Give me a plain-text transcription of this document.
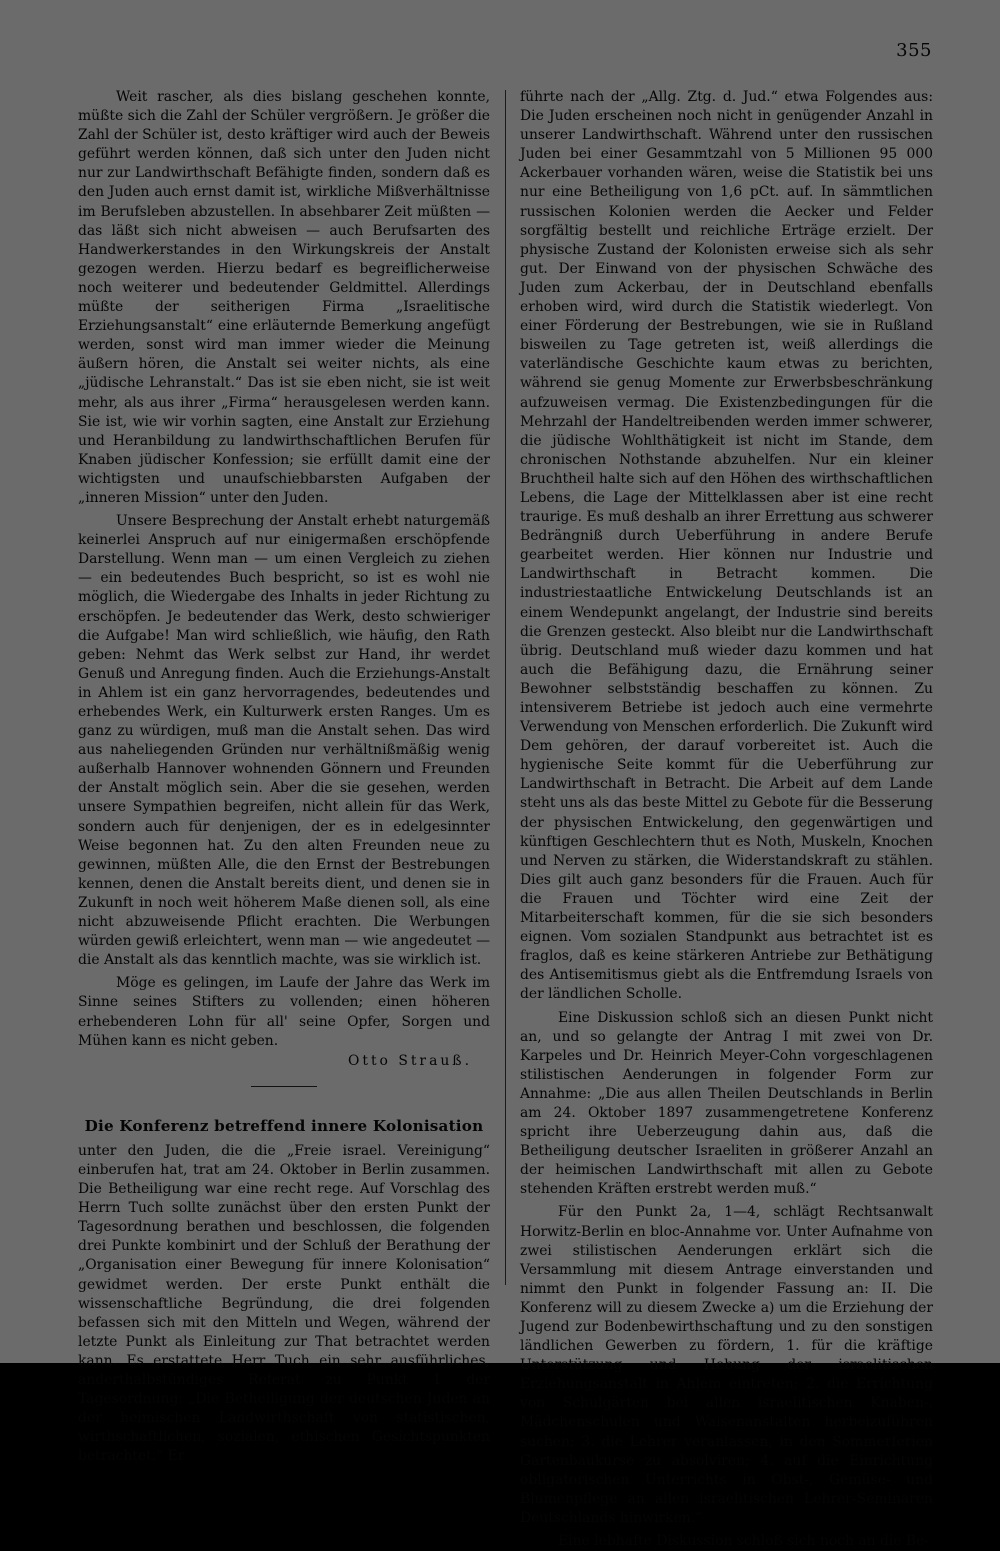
355

Weit rascher, als dies bislang geschehen konnte, müßte sich die Zahl der Schüler vergrößern. Je größer die Zahl der Schüler ist, desto kräftiger wird auch der Beweis geführt werden können, daß sich unter den Juden nicht nur zur Landwirthschaft Befähigte finden, sondern daß es den Juden auch ernst damit ist, wirkliche Mißverhältnisse im Berufsleben abzustellen. In absehbarer Zeit müßten — das läßt sich nicht abweisen — auch Berufsarten des Handwerkerstandes in den Wirkungskreis der Anstalt gezogen werden. Hierzu bedarf es begreiflicherweise noch weiterer und bedeutender Geldmittel. Allerdings müßte der seitherigen Firma „Israelitische Erziehungsanstalt“ eine erläuternde Bemerkung angefügt werden, sonst wird man immer wieder die Meinung äußern hören, die Anstalt sei weiter nichts, als eine „jüdische Lehranstalt.“ Das ist sie eben nicht, sie ist weit mehr, als aus ihrer „Firma“ herausgelesen werden kann. Sie ist, wie wir vorhin sagten, eine Anstalt zur Erziehung und Heranbildung zu landwirthschaftlichen Berufen für Knaben jüdischer Konfession; sie erfüllt damit eine der wichtigsten und unaufschiebbarsten Aufgaben der „inneren Mission“ unter den Juden.

Unsere Besprechung der Anstalt erhebt naturgemäß keinerlei Anspruch auf nur einigermaßen erschöpfende Darstellung. Wenn man — um einen Vergleich zu ziehen — ein bedeutendes Buch bespricht, so ist es wohl nie möglich, die Wiedergabe des Inhalts in jeder Richtung zu erschöpfen. Je bedeutender das Werk, desto schwieriger die Aufgabe! Man wird schließlich, wie häufig, den Rath geben: Nehmt das Werk selbst zur Hand, ihr werdet Genuß und Anregung finden. Auch die Erziehungs-Anstalt in Ahlem ist ein ganz hervorragendes, bedeutendes und erhebendes Werk, ein Kulturwerk ersten Ranges. Um es ganz zu würdigen, muß man die Anstalt sehen. Das wird aus naheliegenden Gründen nur verhältnißmäßig wenig außerhalb Hannover wohnenden Gönnern und Freunden der Anstalt möglich sein. Aber die sie gesehen, werden unsere Sympathien begreifen, nicht allein für das Werk, sondern auch für denjenigen, der es in edelgesinnter Weise begonnen hat. Zu den alten Freunden neue zu gewinnen, müßten Alle, die den Ernst der Bestrebungen kennen, denen die Anstalt bereits dient, und denen sie in Zukunft in noch weit höherem Maße dienen soll, als eine nicht abzuweisende Pflicht erachten. Die Werbungen würden gewiß erleichtert, wenn man — wie angedeutet — die Anstalt als das kenntlich machte, was sie wirklich ist.

Möge es gelingen, im Laufe der Jahre das Werk im Sinne seines Stifters zu vollenden; einen höheren erhebenderen Lohn für all' seine Opfer, Sorgen und Mühen kann es nicht geben.

Otto Strauß.

Die Konferenz betreffend innere Kolonisation

unter den Juden, die die „Freie israel. Vereinigung“ einberufen hat, trat am 24. Oktober in Berlin zusammen. Die Betheiligung war eine recht rege. Auf Vorschlag des Herrn Tuch sollte zunächst über den ersten Punkt der Tagesordnung berathen und beschlossen, die folgenden drei Punkte kombinirt und der Schluß der Berathung der „Organisation einer Bewegung für innere Kolonisation“ gewidmet werden. Der erste Punkt enthält die wissenschaftliche Begründung, die drei folgenden befassen sich mit den Mitteln und Wegen, während der letzte Punkt als Einleitung zur That betrachtet werden kann. Es erstattete Herr Tuch ein sehr ausführliches, anderthalbstündiges Referat zu Punkt 1 der Tagesordnung: „Die Betheiligung der deutschen Juden an der heimischen Landwirthschaft von statistischen, wirthschaftlichen, sozialen, ethischen Gesichtspunkten betrachtet.“ Er

führte nach der „Allg. Ztg. d. Jud.“ etwa Folgendes aus: Die Juden erscheinen noch nicht in genügender Anzahl in unserer Landwirthschaft. Während unter den russischen Juden bei einer Gesammtzahl von 5 Millionen 95 000 Ackerbauer vorhanden wären, weise die Statistik bei uns nur eine Betheiligung von 1,6 pCt. auf. In sämmtlichen russischen Kolonien werden die Aecker und Felder sorgfältig bestellt und reichliche Erträge erzielt. Der physische Zustand der Kolonisten erweise sich als sehr gut. Der Einwand von der physischen Schwäche des Juden zum Ackerbau, der in Deutschland ebenfalls erhoben wird, wird durch die Statistik wiederlegt. Von einer Förderung der Bestrebungen, wie sie in Rußland bisweilen zu Tage getreten ist, weiß allerdings die vaterländische Geschichte kaum etwas zu berichten, während sie genug Momente zur Erwerbsbeschränkung aufzuweisen vermag. Die Existenzbedingungen für die Mehrzahl der Handeltreibenden werden immer schwerer, die jüdische Wohlthätigkeit ist nicht im Stande, dem chronischen Nothstande abzuhelfen. Nur ein kleiner Bruchtheil halte sich auf den Höhen des wirthschaftlichen Lebens, die Lage der Mittelklassen aber ist eine recht traurige. Es muß deshalb an ihrer Errettung aus schwerer Bedrängniß durch Ueberführung in andere Berufe gearbeitet werden. Hier können nur Industrie und Landwirthschaft in Betracht kommen. Die industriestaatliche Entwickelung Deutschlands ist an einem Wendepunkt angelangt, der Industrie sind bereits die Grenzen gesteckt. Also bleibt nur die Landwirthschaft übrig. Deutschland muß wieder dazu kommen und hat auch die Befähigung dazu, die Ernährung seiner Bewohner selbstständig beschaffen zu können. Zu intensiverem Betriebe ist jedoch auch eine vermehrte Verwendung von Menschen erforderlich. Die Zukunft wird Dem gehören, der darauf vorbereitet ist. Auch die hygienische Seite kommt für die Ueberführung zur Landwirthschaft in Betracht. Die Arbeit auf dem Lande steht uns als das beste Mittel zu Gebote für die Besserung der physischen Entwickelung, den gegenwärtigen und künftigen Geschlechtern thut es Noth, Muskeln, Knochen und Nerven zu stärken, die Widerstandskraft zu stählen. Dies gilt auch ganz besonders für die Frauen. Auch für die Frauen und Töchter wird eine Zeit der Mitarbeiterschaft kommen, für die sie sich besonders eignen. Vom sozialen Standpunkt aus betrachtet ist es fraglos, daß es keine stärkeren Antriebe zur Bethätigung des Antisemitismus giebt als die Entfremdung Israels von der ländlichen Scholle.

Eine Diskussion schloß sich an diesen Punkt nicht an, und so gelangte der Antrag I mit zwei von Dr. Karpeles und Dr. Heinrich Meyer-Cohn vorgeschlagenen stilistischen Aenderungen in folgender Form zur Annahme: „Die aus allen Theilen Deutschlands in Berlin am 24. Oktober 1897 zusammengetretene Konferenz spricht ihre Ueberzeugung dahin aus, daß die Betheiligung deutscher Israeliten in größerer Anzahl an der heimischen Landwirthschaft mit allen zu Gebote stehenden Kräften erstrebt werden muß.“

Für den Punkt 2a, 1—4, schlägt Rechtsanwalt Horwitz-Berlin en bloc-Annahme vor. Unter Aufnahme von zwei stilistischen Aenderungen erklärt sich die Versammlung mit diesem Antrage einverstanden und nimmt den Punkt in folgender Fassung an: II. Die Konferenz will zu diesem Zwecke a) um die Erziehung der Jugend zur Bodenbewirthschaftung und zu den sonstigen ländlichen Gewerben zu fördern, 1. für die kräftige Unterstützung und Hebung der israelitischen Erziehungsanstalt in Ahlem eintreten; 2. die Errichtung von Schulgärten bei allen israelitischen Knaben-, Mädchenschulen und Waisenanstalten herbeizuführen suchen; 3. die Lehrer veranlassen, in den Sommerferien Gartenbaukurse zu absolviren; 4. auf die Einrichtung obligatorischen Unterrichts in Obst-, Gemüse- und Blumenpflege an allen israelitischen Lehrer-Seminaren Deutschlands hinwirken.“

Eine lebhafte Diskussion schloß sich noch an die Be-
